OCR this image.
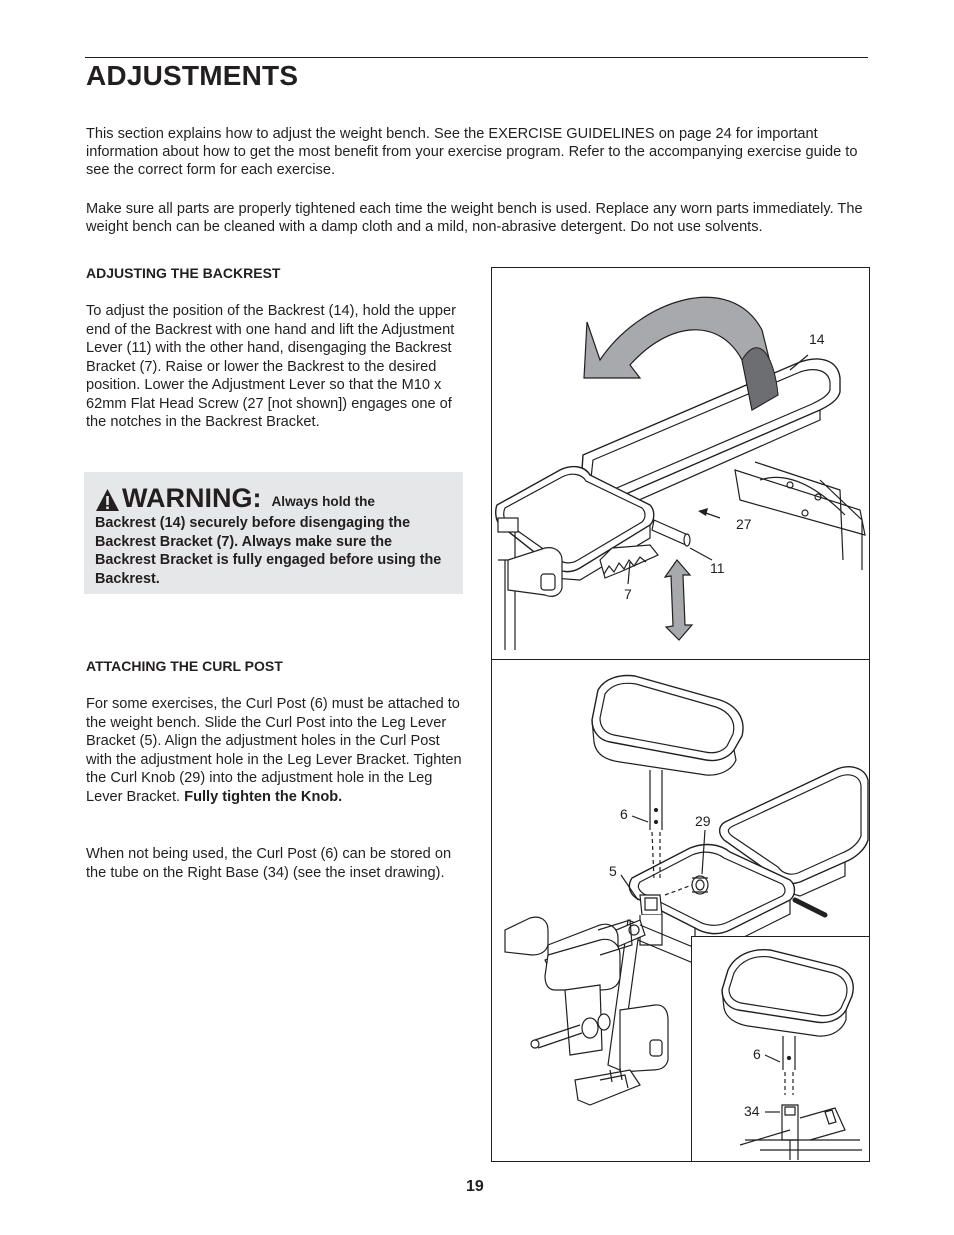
ADJUSTMENTS

This section explains how to adjust the weight bench. See the EXERCISE GUIDELINES on page 24 for important information about how to get the most benefit from your exercise program. Refer to the accompanying exercise guide to see the correct form for each exercise.

Make sure all parts are properly tightened each time the weight bench is used. Replace any worn parts immediately. The weight bench can be cleaned with a damp cloth and a mild, non-abrasive detergent. Do not use solvents.

ADJUSTING THE BACKREST

To adjust the position of the Backrest (14), hold the upper end of the Backrest with one hand and lift the Adjustment Lever (11) with the other hand, disengaging the Backrest Bracket (7). Raise or lower the Backrest to the desired position. Lower the Adjustment Lever so that the M10 x 62mm Flat Head Screw (27 [not shown]) engages one of the notches in the Backrest Bracket.

WARNING: Always hold the
Backrest (14) securely before disengaging the Backrest Bracket (7). Always make sure the Backrest Bracket is fully engaged before using the Backrest.
ATTACHING THE CURL POST

For some exercises, the Curl Post (6) must be attached to the weight bench. Slide the Curl Post into the Leg Lever Bracket (5). Align the adjustment holes in the Curl Post with the adjustment hole in the Leg Lever Bracket. Tighten the Curl Knob (29) into the adjustment hole in the Leg Lever Bracket. Fully tighten the Knob.

When not being used, the Curl Post (6) can be stored on the tube on the Right Base (34) (see the inset drawing).

14
27
11
7
6	29
5
6
34
19
